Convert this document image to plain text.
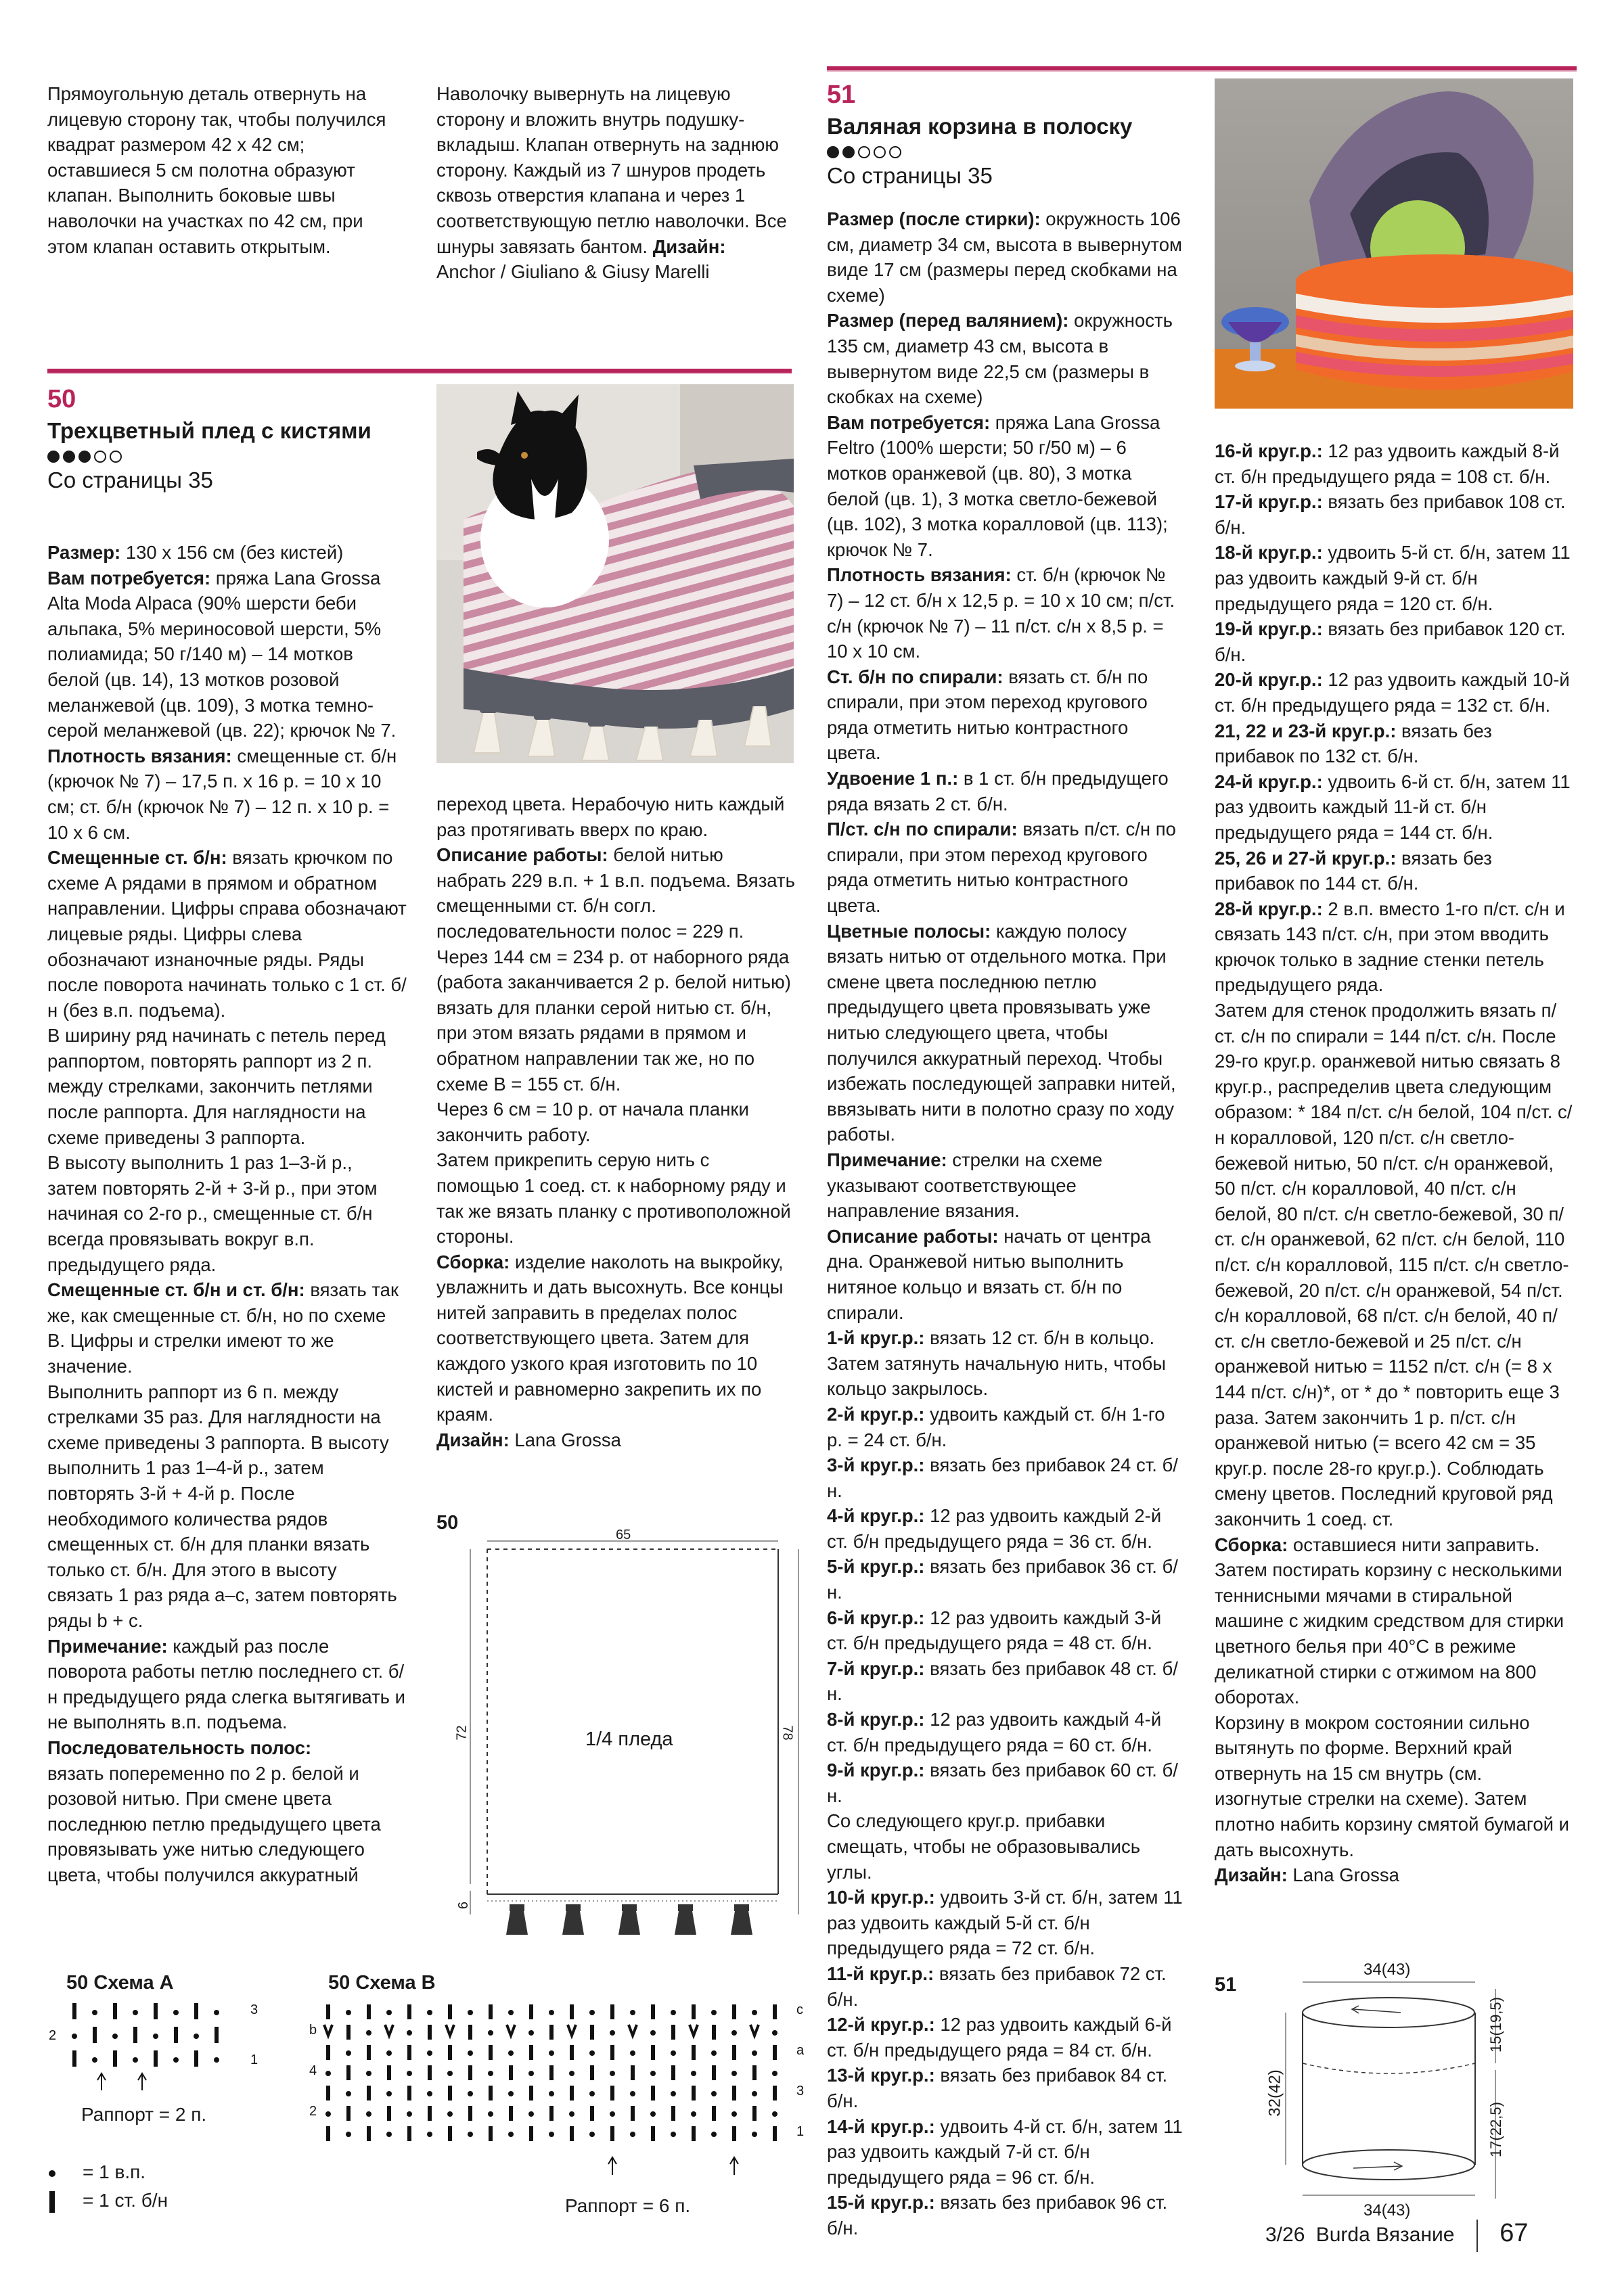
Прямоугольную деталь отвернуть на лицевую сторону так, чтобы получился квадрат размером 42 x 42 см; оставшиеся 5 см полотна образуют клапан. Выполнить боковые швы наволочки на участках по 42 см, при этом клапан оставить открытым.

Наволочку вывернуть на лицевую сторону и вложить внутрь подушку-вкладыш. Клапан отвернуть на заднюю сторону. Каждый из 7 шнуров продеть сквозь отверстия клапана и через 1 соответствующую петлю наволочки. Все шнуры завязать бантом. Дизайн: Anchor / Giuliano & Giusy Marelli

50
Трехцветный плед с кистями
Со страницы 35

Размер: 130 x 156 см (без кистей)

Вам потребуется: пряжа Lana Grossa Alta Moda Alpaca (90% шерсти беби альпака, 5% мериносовой шерсти, 5% полиамида; 50 г/140 м) – 14 мотков белой (цв. 14), 13 мотков розовой меланжевой (цв. 109), 3 мотка темно-серой меланжевой (цв. 22); крючок № 7.

Плотность вязания: смещенные ст. б/н (крючок № 7) – 17,5 п. x 16 р. = 10 x 10 см; ст. б/н (крючок № 7) – 12 п. x 10 р. = 10 x 6 см.

Смещенные ст. б/н: вязать крючком по схеме А рядами в прямом и обратном направлении. Цифры справа обозначают лицевые ряды. Цифры слева обозначают изнаночные ряды. Ряды после поворота начинать только с 1 ст. б/н (без в.п. подъема).

В ширину ряд начинать с петель перед раппортом, повторять раппорт из 2 п. между стрелками, закончить петлями после раппорта. Для наглядности на схеме приведены 3 раппорта.

В высоту выполнить 1 раз 1–3-й р., затем повторять 2-й + 3-й р., при этом начиная со 2-го р., смещенные ст. б/н всегда провязывать вокруг в.п. предыдущего ряда.

Смещенные ст. б/н и ст. б/н: вязать так же, как смещенные ст. б/н, но по схеме В. Цифры и стрелки имеют то же значение.

Выполнить раппорт из 6 п. между стрелками 35 раз. Для наглядности на схеме приведены 3 раппорта. В высоту выполнить 1 раз 1–4-й р., затем повторять 3-й + 4-й р. После необходимого количества рядов смещенных ст. б/н для планки вязать только ст. б/н. Для этого в высоту связать 1 раз ряда a–c, затем повторять ряды b + c.

Примечание: каждый раз после поворота работы петлю последнего ст. б/н предыдущего ряда слегка вытягивать и не выполнять в.п. подъема.

Последовательность полос:

вязать попеременно по 2 р. белой и розовой нитью. При смене цвета последнюю петлю предыдущего цвета провязывать уже нитью следующего цвета, чтобы получился аккуратный

переход цвета. Нерабочую нить каждый раз протягивать вверх по краю.

Описание работы: белой нитью набрать 229 в.п. + 1 в.п. подъема. Вязать смещенными ст. б/н согл. последовательности полос = 229 п. Через 144 см = 234 р. от наборного ряда (работа заканчивается 2 р. белой нитью) вязать для планки серой нитью ст. б/н, при этом вязать рядами в прямом и обратном направлении так же, но по схеме В = 155 ст. б/н.

Через 6 см = 10 р. от начала планки закончить работу.

Затем прикрепить серую нить с помощью 1 соед. ст. к наборному ряду и так же вязать планку с противоположной стороны.

Сборка: изделие наколоть на выкройку, увлажнить и дать высохнуть. Все концы нитей заправить в пределах полос соответствующего цвета. Затем для каждого узкого края изготовить по 10 кистей и равномерно закрепить их по краям.

Дизайн: Lana Grossa

50
65
72	78
6
1/4 пледа
50 Схема А
3
1
2
Раппорт = 2 п.
= 1 в.п.
= 1 ст. б/н
50 Схема В
c
a
3
1
b
4
2
Раппорт = 6 п.
51
Валяная корзина в полоску
Со страницы 35

Размер (после стирки): окружность 106 см, диаметр 34 см, высота в вывернутом виде 17 см (размеры перед скобками на схеме)

Размер (перед валянием): окружность 135 см, диаметр 43 см, высота в вывернутом виде 22,5 см (размеры в скобках на схеме)

Вам потребуется: пряжа Lana Grossa Feltro (100% шерсти; 50 г/50 м) – 6 мотков оранжевой (цв. 80), 3 мотка белой (цв. 1), 3 мотка светло-бежевой (цв. 102), 3 мотка коралловой (цв. 113); крючок № 7.

Плотность вязания: ст. б/н (крючок № 7) – 12 ст. б/н x 12,5 р. = 10 x 10 см; п/ст. с/н (крючок № 7) – 11 п/ст. с/н x 8,5 р. = 10 x 10 см.

Ст. б/н по спирали: вязать ст. б/н по спирали, при этом переход кругового ряда отметить нитью контрастного цвета.

Удвоение 1 п.: в 1 ст. б/н предыдущего ряда вязать 2 ст. б/н.

П/ст. с/н по спирали: вязать п/ст. с/н по спирали, при этом переход кругового ряда отметить нитью контрастного цвета.

Цветные полосы: каждую полосу вязать нитью от отдельного мотка. При смене цвета последнюю петлю предыдущего цвета провязывать уже нитью следующего цвета, чтобы получился аккуратный переход. Чтобы избежать последующей заправки нитей, ввязывать нити в полотно сразу по ходу работы.

Примечание: стрелки на схеме указывают соответствующее направление вязания.

Описание работы: начать от центра дна. Оранжевой нитью выполнить нитяное кольцо и вязать ст. б/н по спирали.

1-й круг.р.: вязать 12 ст. б/н в кольцо. Затем затянуть начальную нить, чтобы кольцо закрылось.

2-й круг.р.: удвоить каждый ст. б/н 1-го р. = 24 ст. б/н.

3-й круг.р.: вязать без прибавок 24 ст. б/н.

4-й круг.р.: 12 раз удвоить каждый 2-й ст. б/н предыдущего ряда = 36 ст. б/н.

5-й круг.р.: вязать без прибавок 36 ст. б/н.

6-й круг.р.: 12 раз удвоить каждый 3-й ст. б/н предыдущего ряда = 48 ст. б/н.

7-й круг.р.: вязать без прибавок 48 ст. б/н.

8-й круг.р.: 12 раз удвоить каждый 4-й ст. б/н предыдущего ряда = 60 ст. б/н.

9-й круг.р.: вязать без прибавок 60 ст. б/н.

Со следующего круг.р. прибавки смещать, чтобы не образовывались углы.

10-й круг.р.: удвоить 3-й ст. б/н, затем 11 раз удвоить каждый 5-й ст. б/н предыдущего ряда = 72 ст. б/н.

11-й круг.р.: вязать без прибавок 72 ст. б/н.

12-й круг.р.: 12 раз удвоить каждый 6-й ст. б/н предыдущего ряда = 84 ст. б/н.

13-й круг.р.: вязать без прибавок 84 ст. б/н.

14-й круг.р.: удвоить 4-й ст. б/н, затем 11 раз удвоить каждый 7-й ст. б/н предыдущего ряда = 96 ст. б/н.

15-й круг.р.: вязать без прибавок 96 ст. б/н.

16-й круг.р.: 12 раз удвоить каждый 8-й ст. б/н предыдущего ряда = 108 ст. б/н.

17-й круг.р.: вязать без прибавок 108 ст. б/н.

18-й круг.р.: удвоить 5-й ст. б/н, затем 11 раз удвоить каждый 9-й ст. б/н предыдущего ряда = 120 ст. б/н.

19-й круг.р.: вязать без прибавок 120 ст. б/н.

20-й круг.р.: 12 раз удвоить каждый 10-й ст. б/н предыдущего ряда = 132 ст. б/н.

21, 22 и 23-й круг.р.: вязать без прибавок по 132 ст. б/н.

24-й круг.р.: удвоить 6-й ст. б/н, затем 11 раз удвоить каждый 11-й ст. б/н предыдущего ряда = 144 ст. б/н.

25, 26 и 27-й круг.р.: вязать без прибавок по 144 ст. б/н.

28-й круг.р.: 2 в.п. вместо 1-го п/ст. с/н и связать 143 п/ст. с/н, при этом вводить крючок только в задние стенки петель предыдущего ряда.

Затем для стенок продолжить вязать п/ст. с/н по спирали = 144 п/ст. с/н. После 29-го круг.р. оранжевой нитью связать 8 круг.р., распределив цвета следующим образом: * 184 п/ст. с/н белой, 104 п/ст. с/н коралловой, 120 п/ст. с/н светло-бежевой нитью, 50 п/ст. с/н оранжевой, 50 п/ст. с/н коралловой, 40 п/ст. с/н белой, 80 п/ст. с/н светло-бежевой, 30 п/ст. с/н оранжевой, 62 п/ст. с/н белой, 110 п/ст. с/н коралловой, 115 п/ст. с/н светло-бежевой, 20 п/ст. с/н оранжевой, 54 п/ст. с/н коралловой, 68 п/ст. с/н белой, 40 п/ст. с/н светло-бежевой и 25 п/ст. с/н оранжевой нитью = 1152 п/ст. с/н (= 8 x 144 п/ст. с/н)*, от * до * повторить еще 3 раза. Затем закончить 1 р. п/ст. с/н оранжевой нитью (= всего 42 см = 35 круг.р. после 28-го круг.р.). Соблюдать смену цветов. Последний круговой ряд закончить 1 соед. ст.

Сборка: оставшиеся нити заправить. Затем постирать корзину с несколькими теннисными мячами в стиральной машине с жидким средством для стирки цветного белья при 40°C в режиме деликатной стирки с отжимом на 800 оборотах.

Корзину в мокром состоянии сильно вытянуть по форме. Верхний край отвернуть на 15 см внутрь (см. изогнутые стрелки на схеме). Затем плотно набить корзину смятой бумагой и дать высохнуть.

Дизайн: Lana Grossa

51
34(43)
34(43)
32(42)
15(19,5)
17(22,5)
3/26 Burda Вязание 67
